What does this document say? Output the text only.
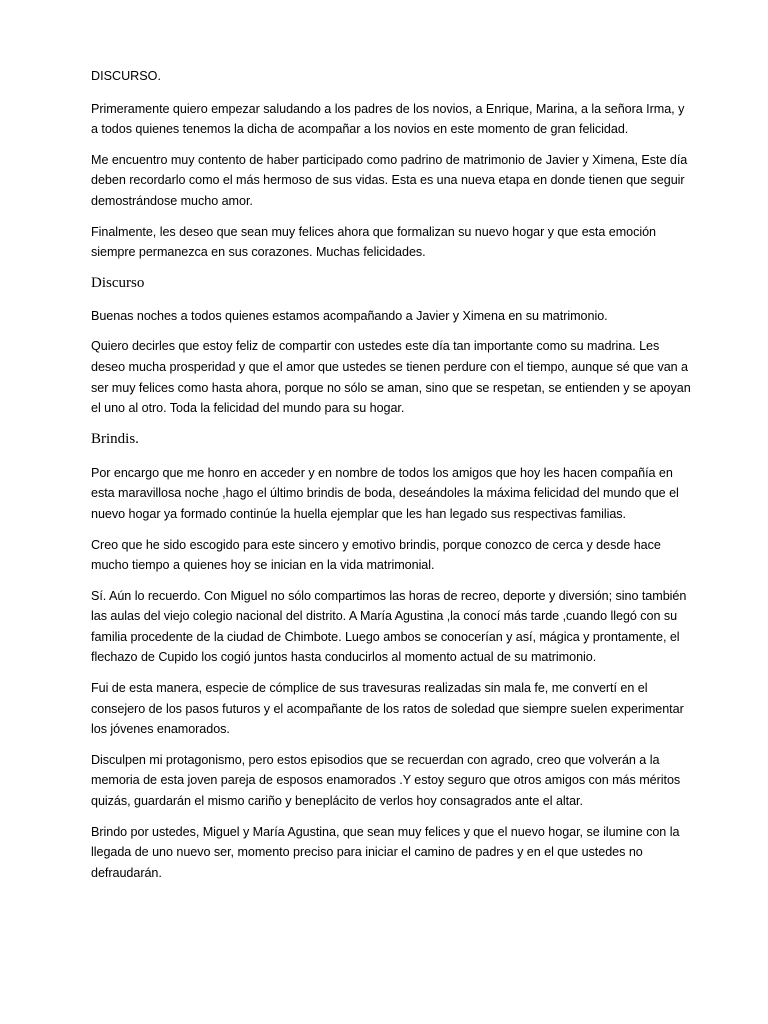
DISCURSO.

Primeramente quiero empezar saludando a los padres de los novios, a Enrique, Marina, a la señora Irma, y a todos quienes tenemos la dicha de acompañar a los novios en este momento de gran felicidad.

Me encuentro muy contento de haber participado como padrino de matrimonio de Javier y Ximena, Este día deben recordarlo como el más hermoso de sus vidas. Esta es una nueva etapa en donde tienen que seguir demostrándose mucho amor.

Finalmente, les deseo que sean muy felices ahora que formalizan su nuevo hogar y que esta emoción siempre permanezca en sus corazones. Muchas felicidades.

Discurso

Buenas noches a todos quienes estamos acompañando a Javier y Ximena en su matrimonio.

Quiero decirles que estoy feliz de compartir con ustedes este día tan importante como su madrina. Les deseo mucha prosperidad y que el amor que ustedes se tienen perdure con el tiempo, aunque sé que van a ser muy felices como hasta ahora, porque no sólo se aman, sino que se respetan, se entienden y se apoyan el uno al otro. Toda la felicidad del mundo para su hogar.

Brindis.

Por encargo que me honro en acceder y en nombre de todos los amigos que hoy les hacen compañía en esta maravillosa noche ,hago el último brindis de boda, deseándoles la máxima felicidad del mundo que el nuevo hogar ya formado continúe la huella ejemplar que les han legado sus respectivas familias.

Creo que he sido escogido para este sincero y emotivo brindis, porque conozco de cerca y desde hace mucho tiempo a quienes hoy se inician en la vida matrimonial.

Sí. Aún lo recuerdo. Con Miguel no sólo compartimos las horas de recreo, deporte y diversión; sino también las aulas del viejo colegio nacional del distrito. A María Agustina ,la conocí más tarde ,cuando llegó con su familia procedente de la ciudad de Chimbote. Luego ambos se conocerían y así, mágica y prontamente, el flechazo de Cupido los cogió juntos hasta conducirlos al momento actual de su matrimonio.

Fui de esta manera, especie de cómplice de sus travesuras realizadas sin mala fe, me convertí en el consejero de los pasos futuros y el acompañante de los ratos de soledad que siempre suelen experimentar los jóvenes enamorados.

Disculpen mi protagonismo, pero estos episodios que se recuerdan con agrado, creo que volverán a la memoria de esta joven pareja de esposos enamorados .Y estoy seguro que otros amigos con más méritos quizás, guardarán el mismo cariño y beneplácito de verlos hoy consagrados ante el altar.

Brindo por ustedes, Miguel y María Agustina, que sean muy felices y que el nuevo hogar, se ilumine con la llegada de uno nuevo ser, momento preciso para iniciar el camino de padres y en el que ustedes no defraudarán.
